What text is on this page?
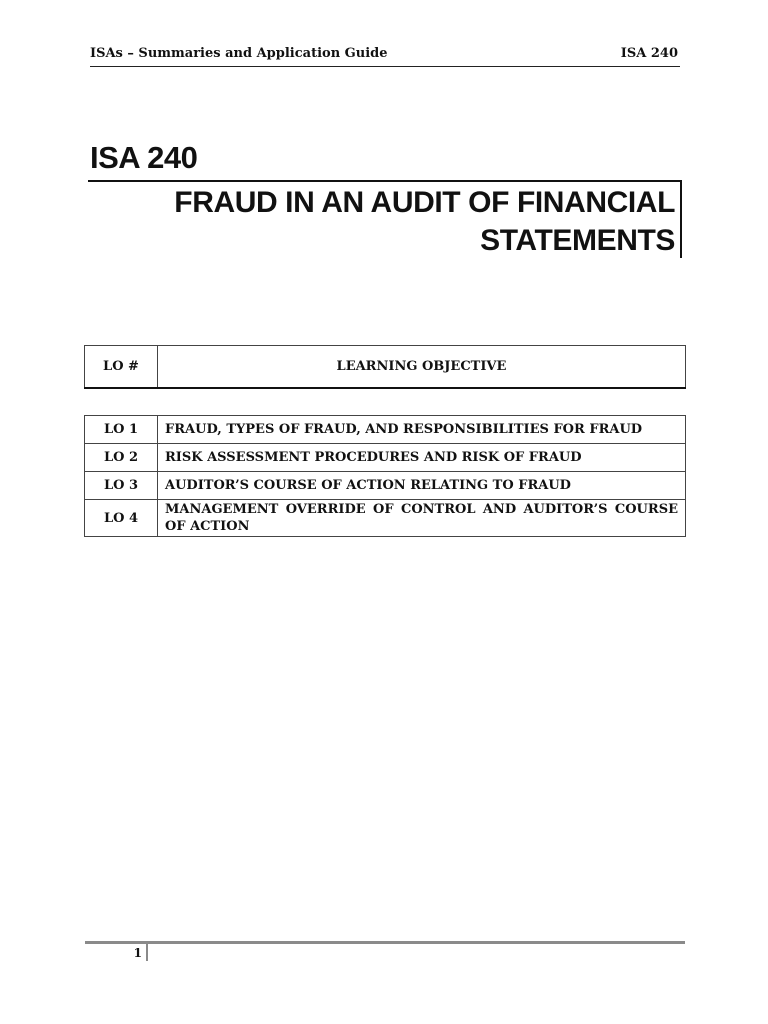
ISAs – Summaries and Application Guide	ISA 240
ISA 240
FRAUD IN AN AUDIT OF FINANCIAL
STATEMENTS
LO #	LEARNING OBJECTIVE
LO 1	FRAUD, TYPES OF FRAUD, AND RESPONSIBILITIES FOR FRAUD
LO 2	RISK ASSESSMENT PROCEDURES AND RISK OF FRAUD
LO 3	AUDITOR’S COURSE OF ACTION RELATING TO FRAUD
LO 4	MANAGEMENT OVERRIDE OF CONTROL AND AUDITOR’S COURSE OF ACTION
1
